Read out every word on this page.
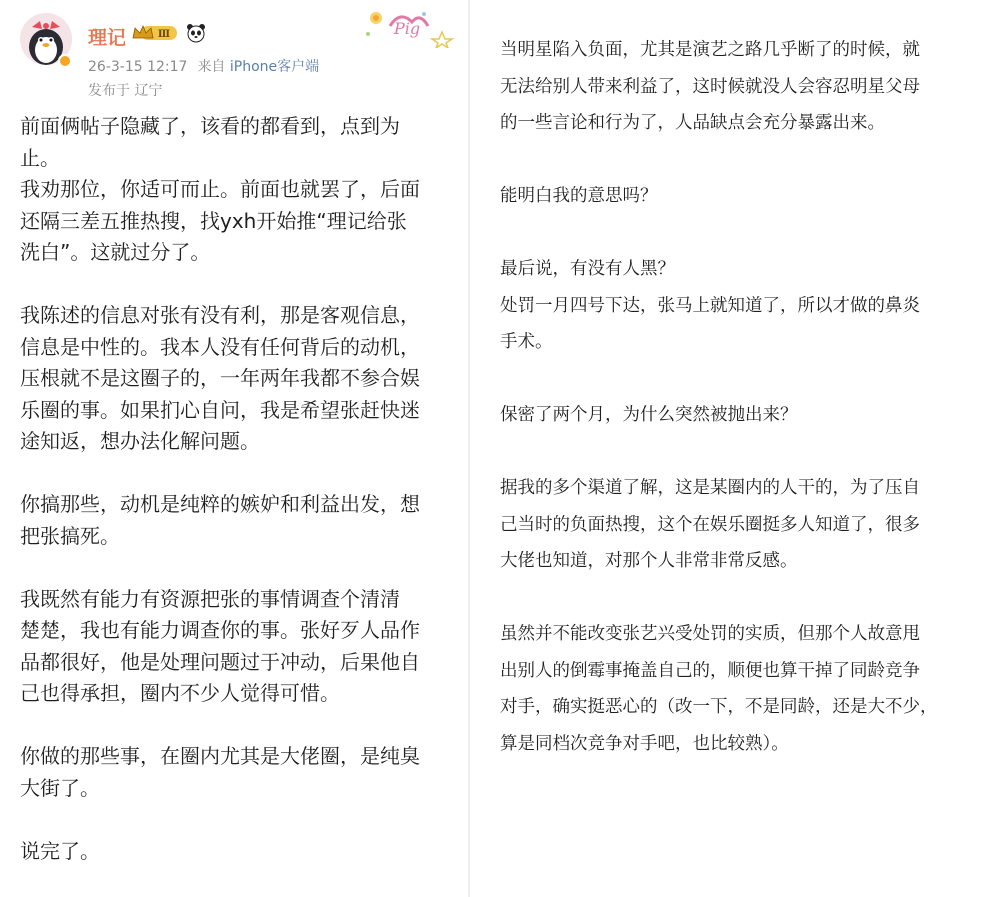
理记	Ⅲ	Pig
26-3-15 12:17 来自 iPhone客户端
发布于 辽宁
前面俩帖子隐藏了，该看的都看到，点到为
止。
我劝那位，你适可而止。前面也就罢了，后面
还隔三差五推热搜，找yxh开始推“理记给张
洗白”。这就过分了。

我陈述的信息对张有没有利，那是客观信息，
信息是中性的。我本人没有任何背后的动机，
压根就不是这圈子的，一年两年我都不参合娱
乐圈的事。如果扪心自问，我是希望张赶快迷
途知返，想办法化解问题。

你搞那些，动机是纯粹的嫉妒和利益出发，想
把张搞死。

我既然有能力有资源把张的事情调查个清清
楚楚，我也有能力调查你的事。张好歹人品作
品都很好，他是处理问题过于冲动，后果他自
己也得承担，圈内不少人觉得可惜。

你做的那些事，在圈内尤其是大佬圈，是纯臭
大街了。

说完了。
当明星陷入负面，尤其是演艺之路几乎断了的时候，就
无法给别人带来利益了，这时候就没人会容忍明星父母
的一些言论和行为了，人品缺点会充分暴露出来。

能明白我的意思吗？

最后说，有没有人黑？
处罚一月四号下达，张马上就知道了，所以才做的鼻炎
手术。

保密了两个月，为什么突然被抛出来？

据我的多个渠道了解，这是某圈内的人干的，为了压自
己当时的负面热搜，这个在娱乐圈挺多人知道了，很多
大佬也知道，对那个人非常非常反感。

虽然并不能改变张艺兴受处罚的实质，但那个人故意甩
出别人的倒霉事掩盖自己的，顺便也算干掉了同龄竞争
对手，确实挺恶心的（改一下，不是同龄，还是大不少，
算是同档次竞争对手吧，也比较熟）。
